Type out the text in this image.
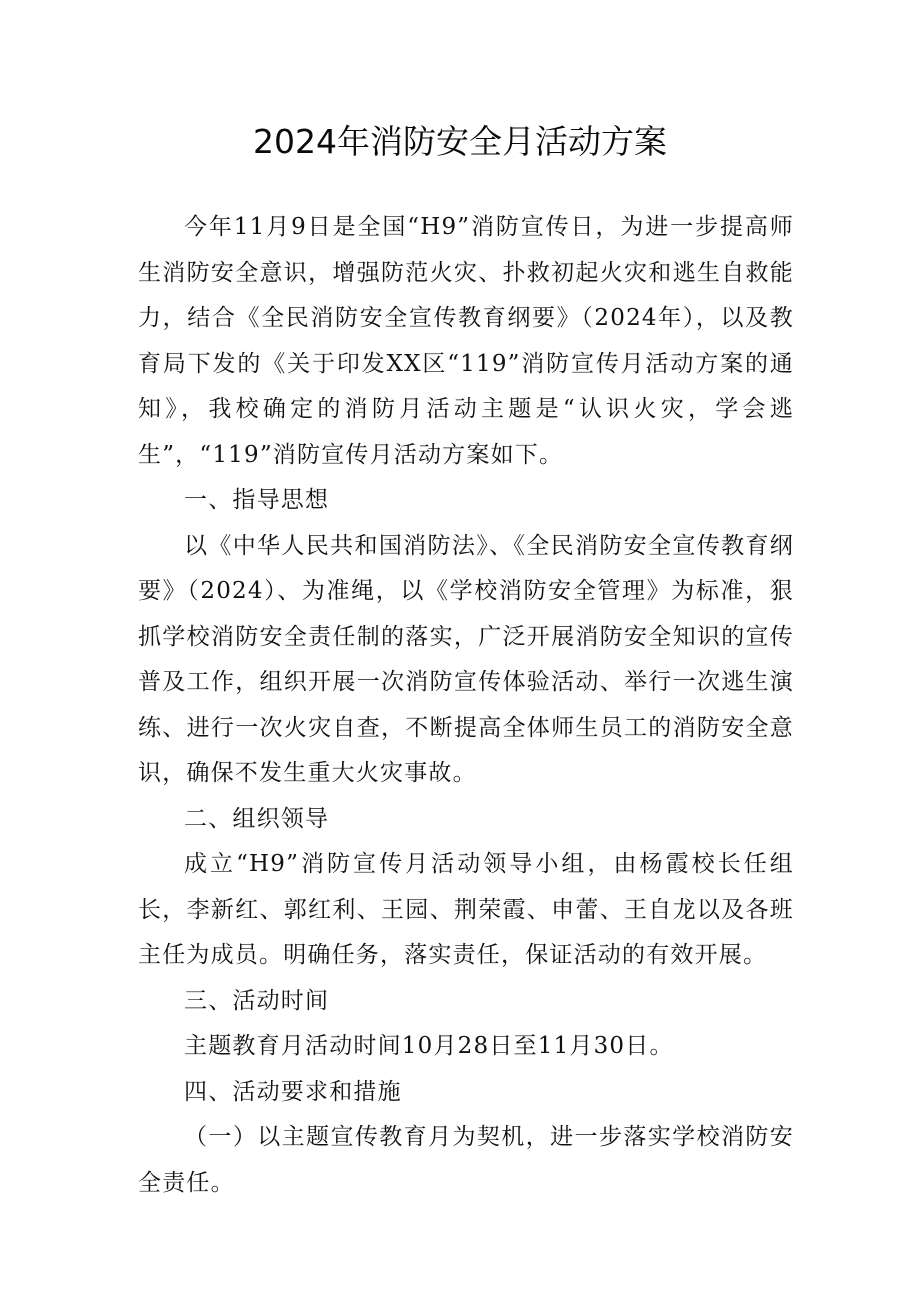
2024年消防安全月活动方案

今年11月9日是全国“H9”消防宣传日，为进一步提高师生消防安全意识，增强防范火灾、扑救初起火灾和逃生自救能力，结合《全民消防安全宣传教育纲要》（2024年），以及教育局下发的《关于印发XX区“119”消防宣传月活动方案的通知》，我校确定的消防月活动主题是“认识火灾，学会逃生”，“119”消防宣传月活动方案如下。

一、指导思想

以《中华人民共和国消防法》、《全民消防安全宣传教育纲要》（2024）、为准绳，以《学校消防安全管理》为标准，狠抓学校消防安全责任制的落实，广泛开展消防安全知识的宣传普及工作，组织开展一次消防宣传体验活动、举行一次逃生演练、进行一次火灾自查，不断提高全体师生员工的消防安全意识，确保不发生重大火灾事故。

二、组织领导

成立“H9”消防宣传月活动领导小组，由杨霞校长任组长，李新红、郭红利、王园、荆荣霞、申蕾、王自龙以及各班主任为成员。明确任务，落实责任，保证活动的有效开展。

三、活动时间

主题教育月活动时间10月28日至11月30日。

四、活动要求和措施

（一）以主题宣传教育月为契机，进一步落实学校消防安全责任。
